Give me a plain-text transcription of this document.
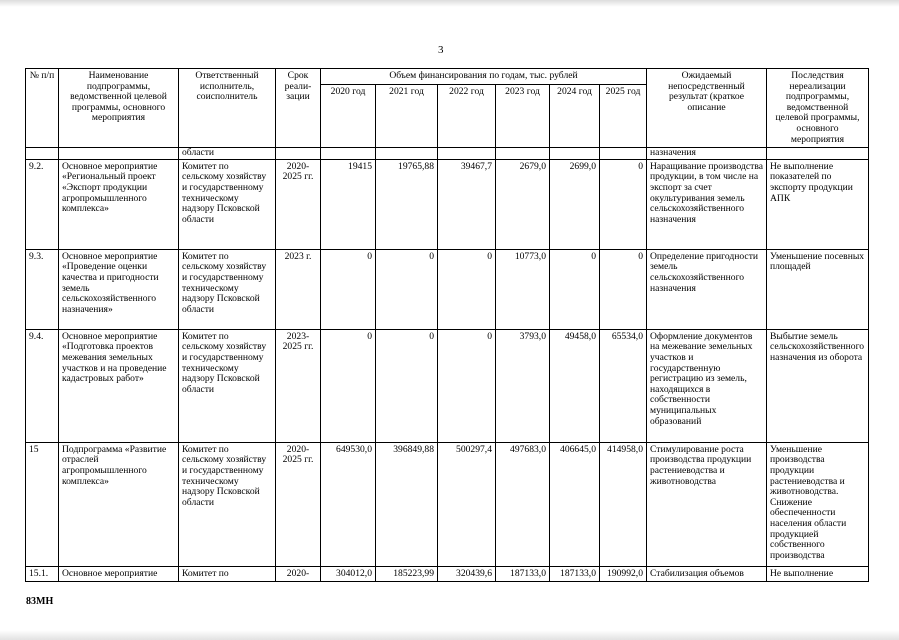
3
№ п/п	Наименование подпрограммы, ведомственной целевой программы, основного мероприятия	Ответственный исполнитель, соисполнитель	Срок реали-зации	Объем финансирования по годам, тыс. рублей						Ожидаемый непосредственный результат (краткое описание	Последствия нереализации подпрограммы, ведомственной целевой программы, основного мероприятия
				2020 год	2021 год	2022 год	2023 год	2024 год	2025 год		
		области								назначения	
9.2.	Основное мероприятие «Региональный проект «Экспорт продукции агропромышленного комплекса»	Комитет по сельскому хозяйству и государственному техническому надзору Псковской области	2020-2025 гг.	19415	19765,88	39467,7	2679,0	2699,0	0	Наращивание производства продукции, в том числе на экспорт за счет окультуривания земель сельскохозяйственного назначения	Не выполнение показателей по экспорту продукции АПК
9.3.	Основное мероприятие «Проведение оценки качества и пригодности земель сельскохозяйственного назначения»	Комитет по сельскому хозяйству и государственному техническому надзору Псковской области	2023 г.	0	0	0	10773,0	0	0	Определение пригодности земель сельскохозяйственного назначения	Уменьшение посевных площадей
9.4.	Основное мероприятие «Подготовка проектов межевания земельных участков и на проведение кадастровых работ»	Комитет по сельскому хозяйству и государственному техническому надзору Псковской области	2023-2025 гг.	0	0	0	3793,0	49458,0	65534,0	Оформление документов на межевание земельных участков и государственную регистрацию из земель, находящихся в собственности муниципальных образований	Выбытие земель сельскохозяйственного назначения из оборота
15	Подпрограмма «Развитие отраслей агропромышленного комплекса»	Комитет по сельскому хозяйству и государственному техническому надзору Псковской области	2020-2025 гг.	649530,0	396849,88	500297,4	497683,0	406645,0	414958,0	Стимулирование роста производства продукции растениеводства и животноводства	Уменьшение производства продукции растениеводства и животноводства. Снижение обеспеченности населения области продукцией собственного производства
15.1.	Основное мероприятие	Комитет по	2020-	304012,0	185223,99	320439,6	187133,0	187133,0	190992,0	Стабилизация объемов	Не выполнение
83МН
